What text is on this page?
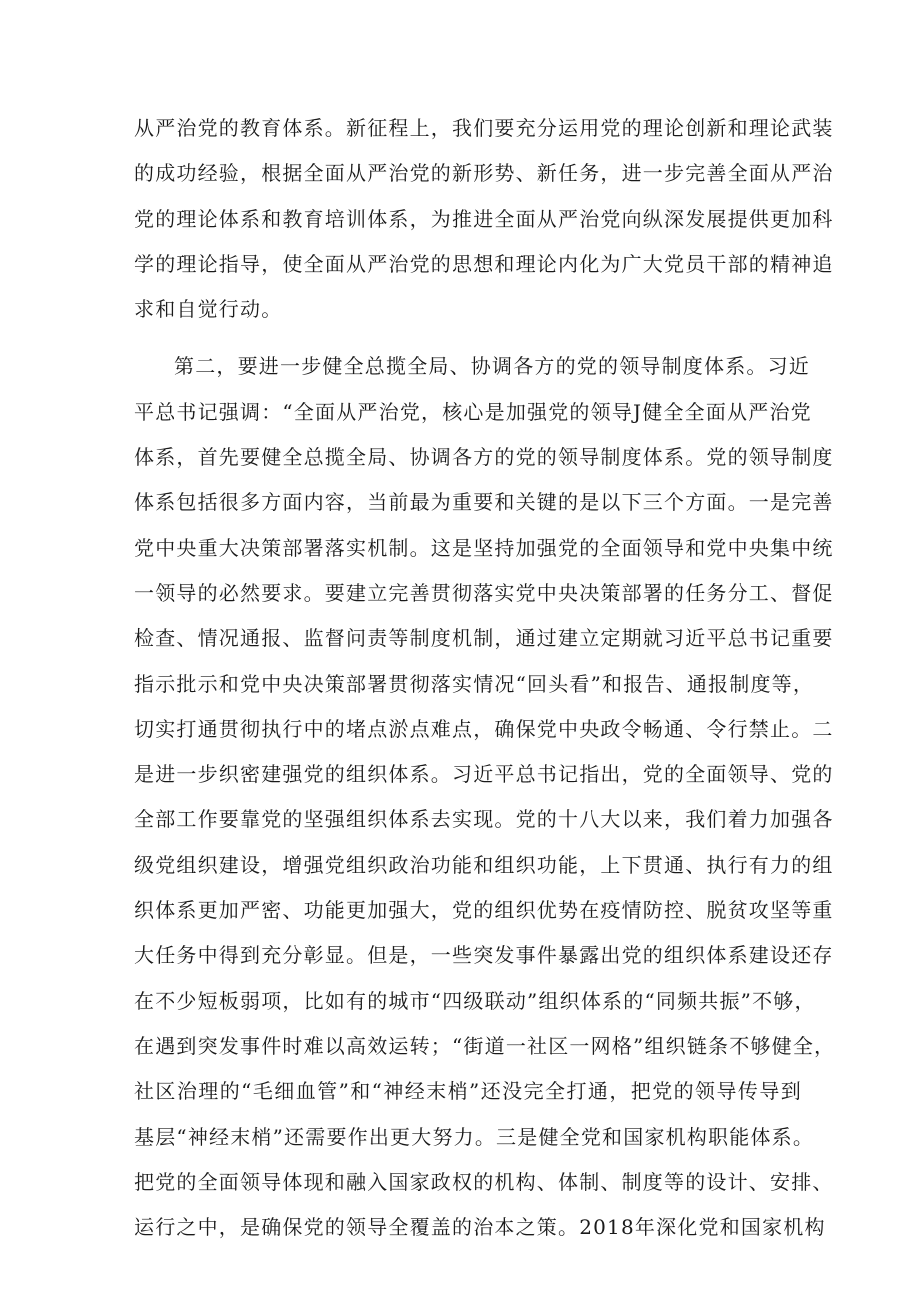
从严治党的教育体系。新征程上，我们要充分运用党的理论创新和理论武装
的成功经验，根据全面从严治党的新形势、新任务，进一步完善全面从严治
党的理论体系和教育培训体系，为推进全面从严治党向纵深发展提供更加科
学的理论指导，使全面从严治党的思想和理论内化为广大党员干部的精神追
求和自觉行动。
第二，要进一步健全总揽全局、协调各方的党的领导制度体系。习近
平总书记强调：“全面从严治党，核心是加强党的领导J健全全面从严治党
体系，首先要健全总揽全局、协调各方的党的领导制度体系。党的领导制度
体系包括很多方面内容，当前最为重要和关键的是以下三个方面。一是完善
党中央重大决策部署落实机制。这是坚持加强党的全面领导和党中央集中统
一领导的必然要求。要建立完善贯彻落实党中央决策部署的任务分工、督促
检查、情况通报、监督问责等制度机制，通过建立定期就习近平总书记重要
指示批示和党中央决策部署贯彻落实情况“回头看”和报告、通报制度等，
切实打通贯彻执行中的堵点淤点难点，确保党中央政令畅通、令行禁止。二
是进一步织密建强党的组织体系。习近平总书记指出，党的全面领导、党的
全部工作要靠党的坚强组织体系去实现。党的十八大以来，我们着力加强各
级党组织建设，增强党组织政治功能和组织功能，上下贯通、执行有力的组
织体系更加严密、功能更加强大，党的组织优势在疫情防控、脱贫攻坚等重
大任务中得到充分彰显。但是，一些突发事件暴露出党的组织体系建设还存
在不少短板弱项，比如有的城市“四级联动”组织体系的“同频共振”不够，
在遇到突发事件时难以高效运转；“街道一社区一网格”组织链条不够健全，
社区治理的“毛细血管”和“神经末梢”还没完全打通，把党的领导传导到
基层“神经末梢”还需要作出更大努力。三是健全党和国家机构职能体系。
把党的全面领导体现和融入国家政权的机构、体制、制度等的设计、安排、
运行之中，是确保党的领导全覆盖的治本之策。2018年深化党和国家机构
